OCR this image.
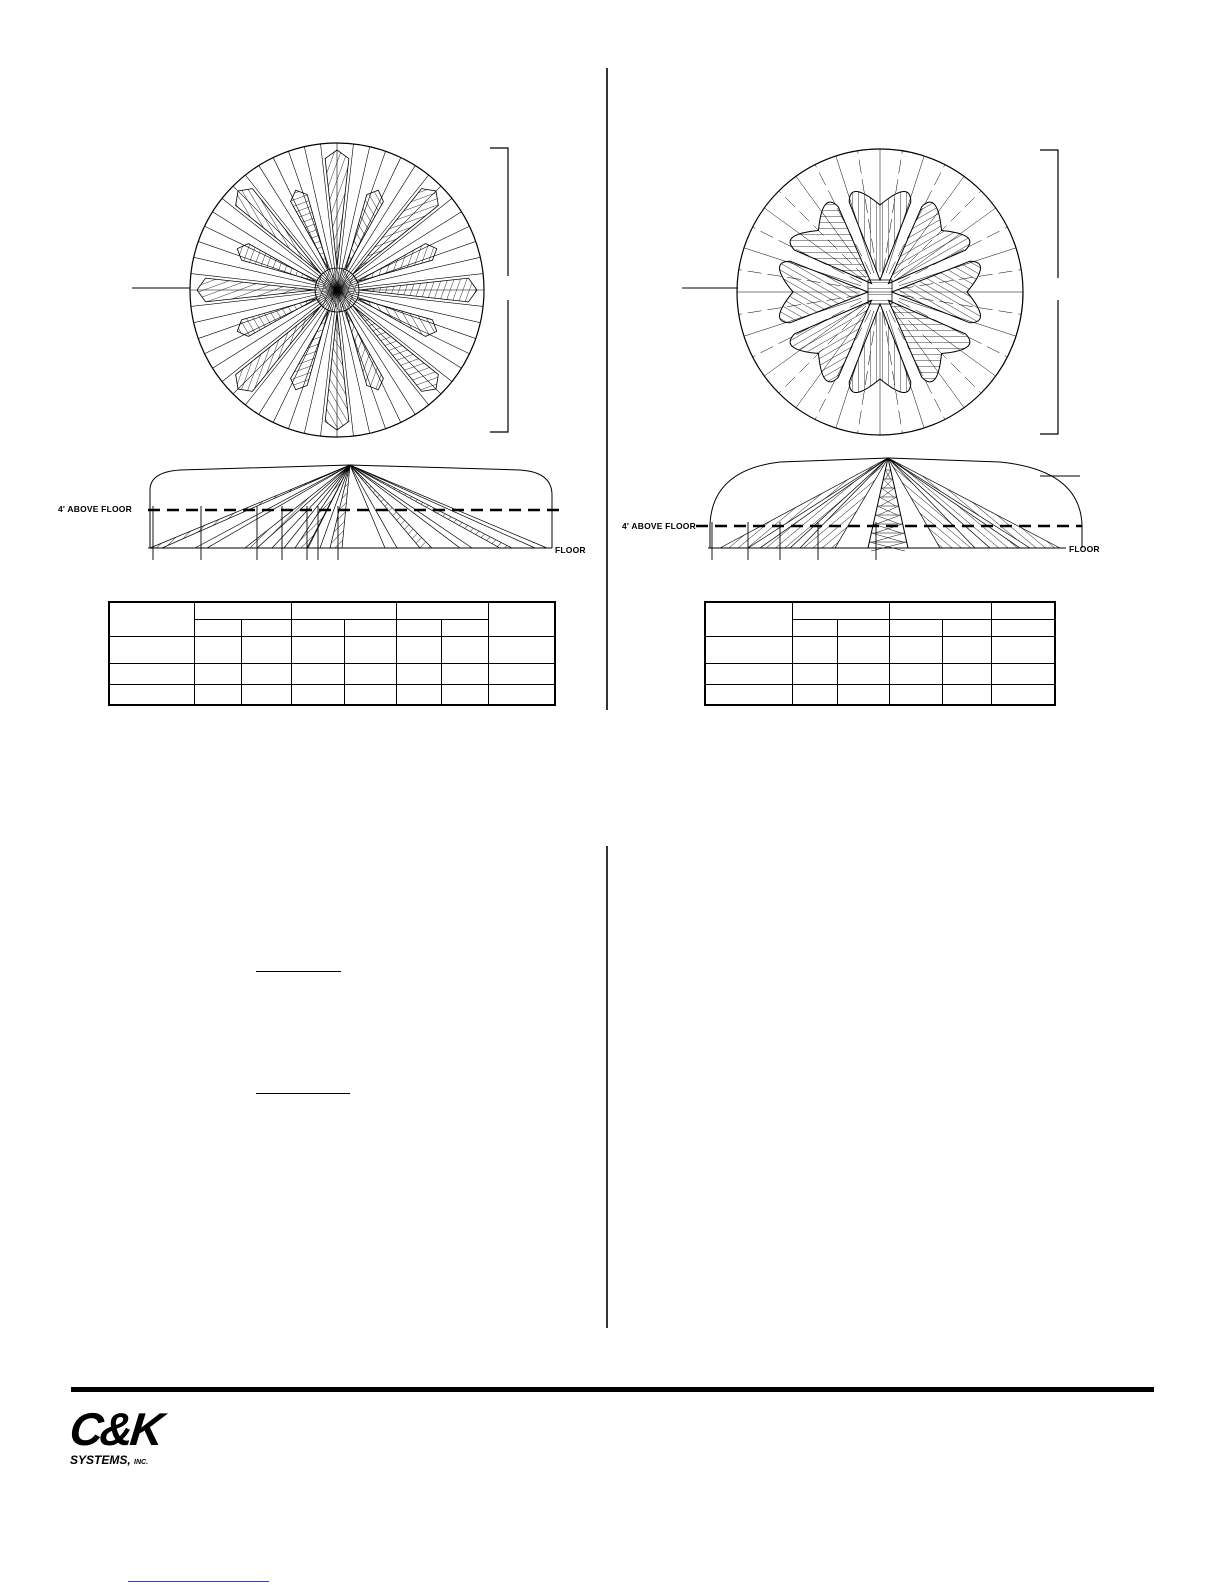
4' ABOVE FLOOR
FLOOR
4' ABOVE FLOOR
FLOOR

C&K
SYSTEMS, INC.
